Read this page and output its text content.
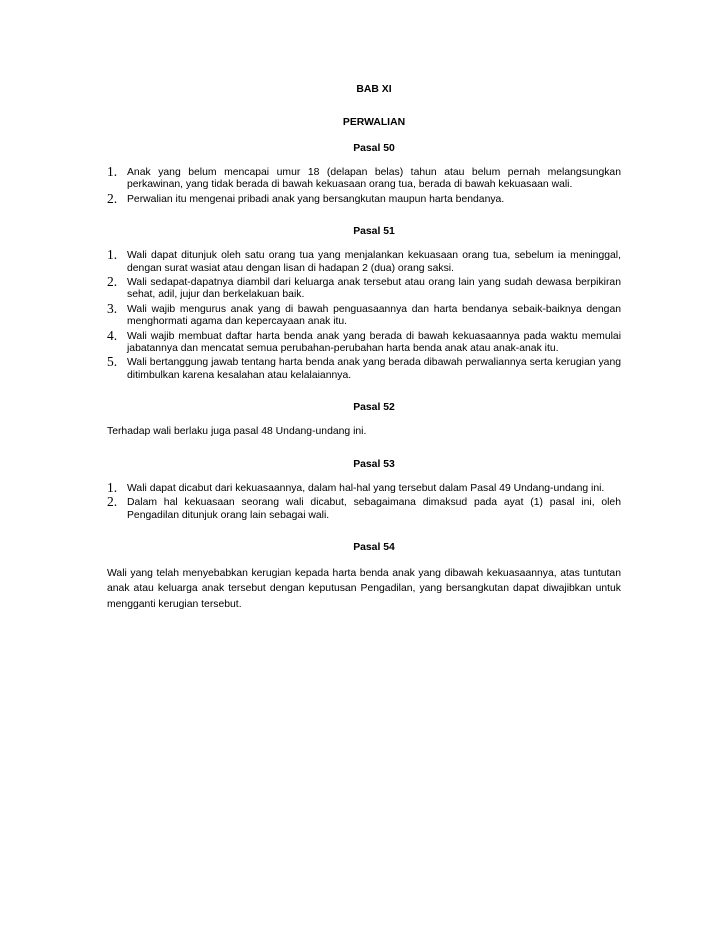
BAB XI
PERWALIAN
Pasal 50
1. Anak yang belum mencapai umur 18 (delapan belas) tahun atau belum pernah melangsungkan perkawinan, yang tidak berada di bawah kekuasaan orang tua, berada di bawah kekuasaan wali.
2. Perwalian itu mengenai pribadi anak yang bersangkutan maupun harta bendanya.
Pasal 51
1. Wali dapat ditunjuk oleh satu orang tua yang menjalankan kekuasaan orang tua, sebelum ia meninggal, dengan surat wasiat atau dengan lisan di hadapan 2 (dua) orang saksi.
2. Wali sedapat-dapatnya diambil dari keluarga anak tersebut atau orang lain yang sudah dewasa berpikiran sehat, adil, jujur dan berkelakuan baik.
3. Wali wajib mengurus anak yang di bawah penguasaannya dan harta bendanya sebaik-baiknya dengan menghormati agama dan kepercayaan anak itu.
4. Wali wajib membuat daftar harta benda anak yang berada di bawah kekuasaannya pada waktu memulai jabatannya dan mencatat semua perubahan-perubahan harta benda anak atau anak-anak itu.
5. Wali bertanggung jawab tentang harta benda anak yang berada dibawah perwaliannya serta kerugian yang ditimbulkan karena kesalahan atau kelalaiannya.
Pasal 52

Terhadap wali berlaku juga pasal 48 Undang-undang ini.

Pasal 53
1. Wali dapat dicabut dari kekuasaannya, dalam hal-hal yang tersebut dalam Pasal 49 Undang-undang ini.
2. Dalam hal kekuasaan seorang wali dicabut, sebagaimana dimaksud pada ayat (1) pasal ini, oleh Pengadilan ditunjuk orang lain sebagai wali.
Pasal 54

Wali yang telah menyebabkan kerugian kepada harta benda anak yang dibawah kekuasaannya, atas tuntutan anak atau keluarga anak tersebut dengan keputusan Pengadilan, yang bersangkutan dapat diwajibkan untuk mengganti kerugian tersebut.
